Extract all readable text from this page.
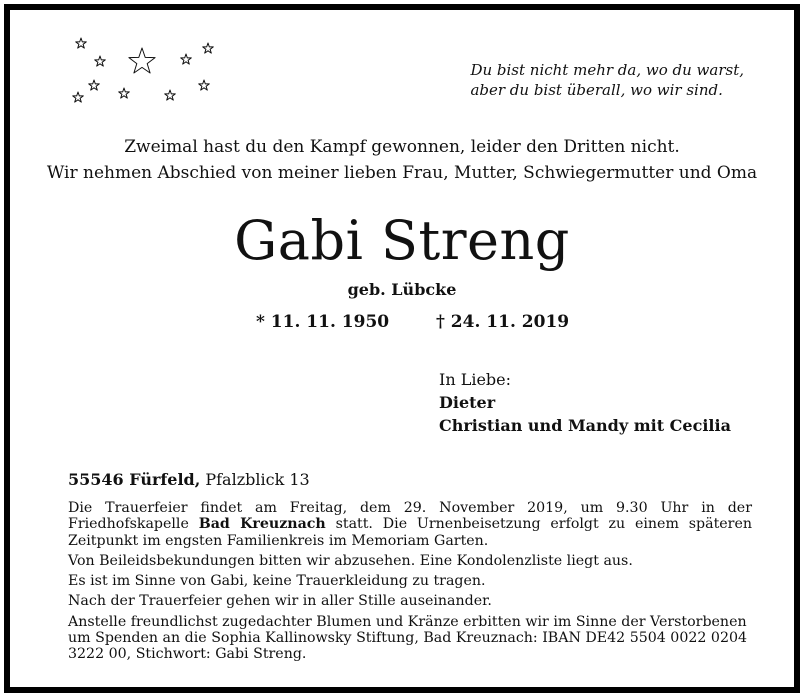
Du bist nicht mehr da, wo du warst,
aber du bist überall, wo wir sind.
Zweimal hast du den Kampf gewonnen, leider den Dritten nicht.
Wir nehmen Abschied von meiner lieben Frau, Mutter, Schwiegermutter und Oma
Gabi Streng
geb. Lübcke
* 11. 11. 1950	† 24. 11. 2019
In Liebe:
Dieter
Christian und Mandy mit Cecilia
55546 Fürfeld, Pfalzblick 13

Die Trauerfeier findet am Freitag, dem 29. November 2019, um 9.30 Uhr in der Friedhofskapelle Bad Kreuznach statt. Die Urnenbeisetzung erfolgt zu einem späteren Zeitpunkt im engsten Familienkreis im Memoriam Garten.

Von Beileidsbekundungen bitten wir abzusehen. Eine Kondolenzliste liegt aus.

Es ist im Sinne von Gabi, keine Trauerkleidung zu tragen.

Nach der Trauerfeier gehen wir in aller Stille auseinander.

Anstelle freundlichst zugedachter Blumen und Kränze erbitten wir im Sinne der Verstorbenen um Spenden an die Sophia Kallinowsky Stiftung, Bad Kreuznach: IBAN DE42 5504 0022 0204 3222 00, Stichwort: Gabi Streng.
